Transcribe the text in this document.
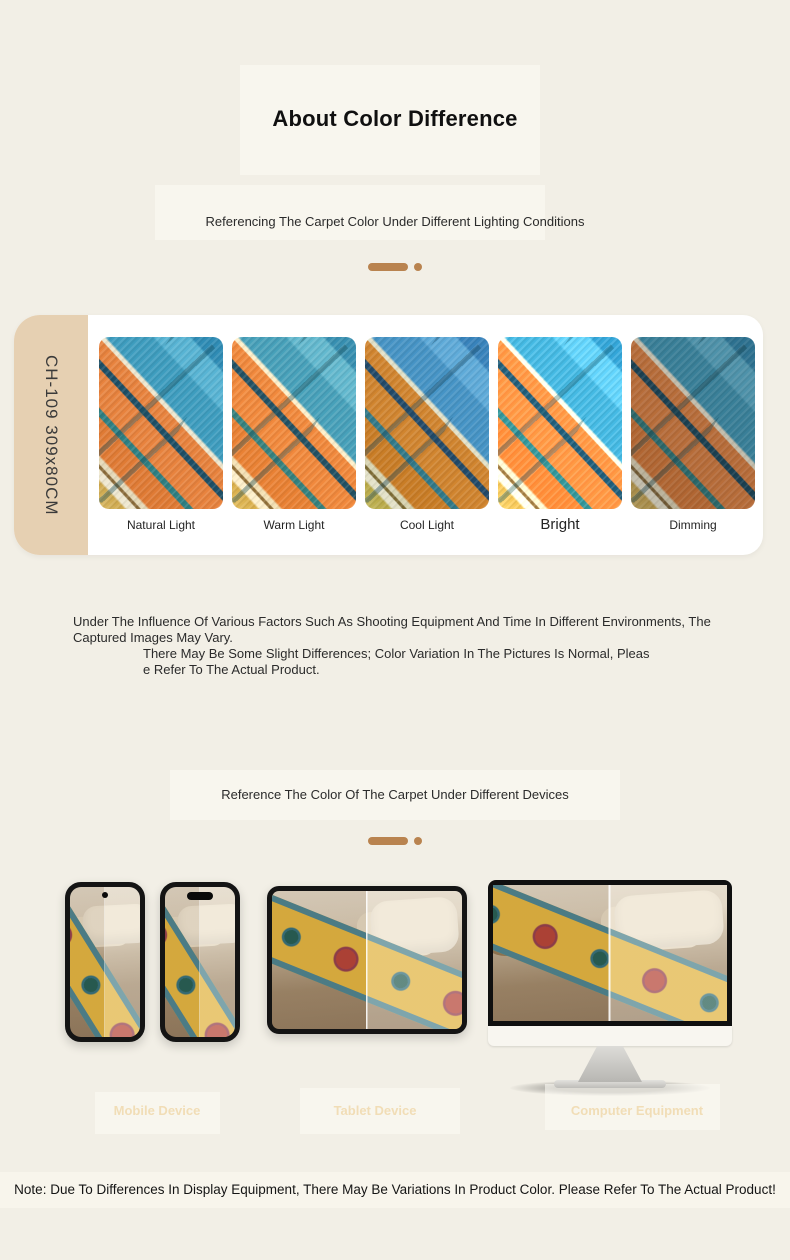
About Color Difference
Referencing The Carpet Color Under Different Lighting Conditions
CH-109 309x80CM
Natural Light	Warm Light	Cool Light	Bright	Dimming

Under The Influence Of Various Factors Such As Shooting Equipment And Time In Different Environments, The Captured Images May Vary.

There May Be Some Slight Differences; Color Variation In The Pictures Is Normal, Please Refer To The Actual Product.

Reference The Color Of The Carpet Under Different Devices
Mobile Device	Tablet Device	Computer Equipment
Note: Due To Differences In Display Equipment, There May Be Variations In Product Color. Please Refer To The Actual Product!
